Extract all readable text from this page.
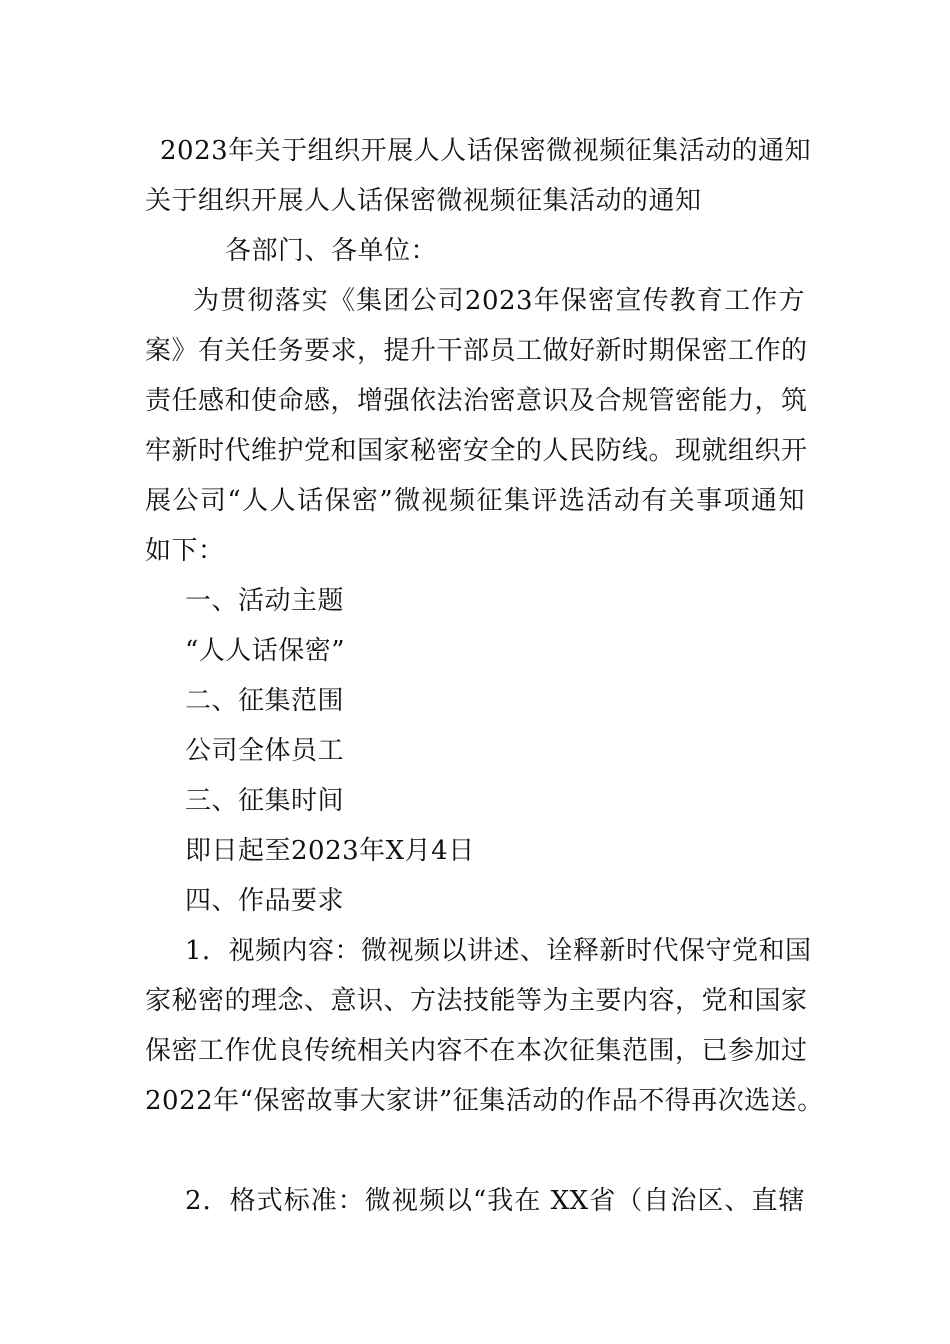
2023年关于组织开展人人话保密微视频征集活动的通知
关于组织开展人人话保密微视频征集活动的通知
各部门、各单位：
为贯彻落实《集团公司2023年保密宣传教育工作方
案》有关任务要求，提升干部员工做好新时期保密工作的
责任感和使命感，增强依法治密意识及合规管密能力，筑
牢新时代维护党和国家秘密安全的人民防线。现就组织开
展公司“人人话保密”微视频征集评选活动有关事项通知
如下：
一、活动主题
“人人话保密”
二、征集范围
公司全体员工
三、征集时间
即日起至2023年X月4日
四、作品要求
1．视频内容：微视频以讲述、诠释新时代保守党和国
家秘密的理念、意识、方法技能等为主要内容，党和国家
保密工作优良传统相关内容不在本次征集范围，已参加过
2022年“保密故事大家讲”征集活动的作品不得再次选送。
2．格式标准：微视频以“我在 XX省（自治区、直辖
